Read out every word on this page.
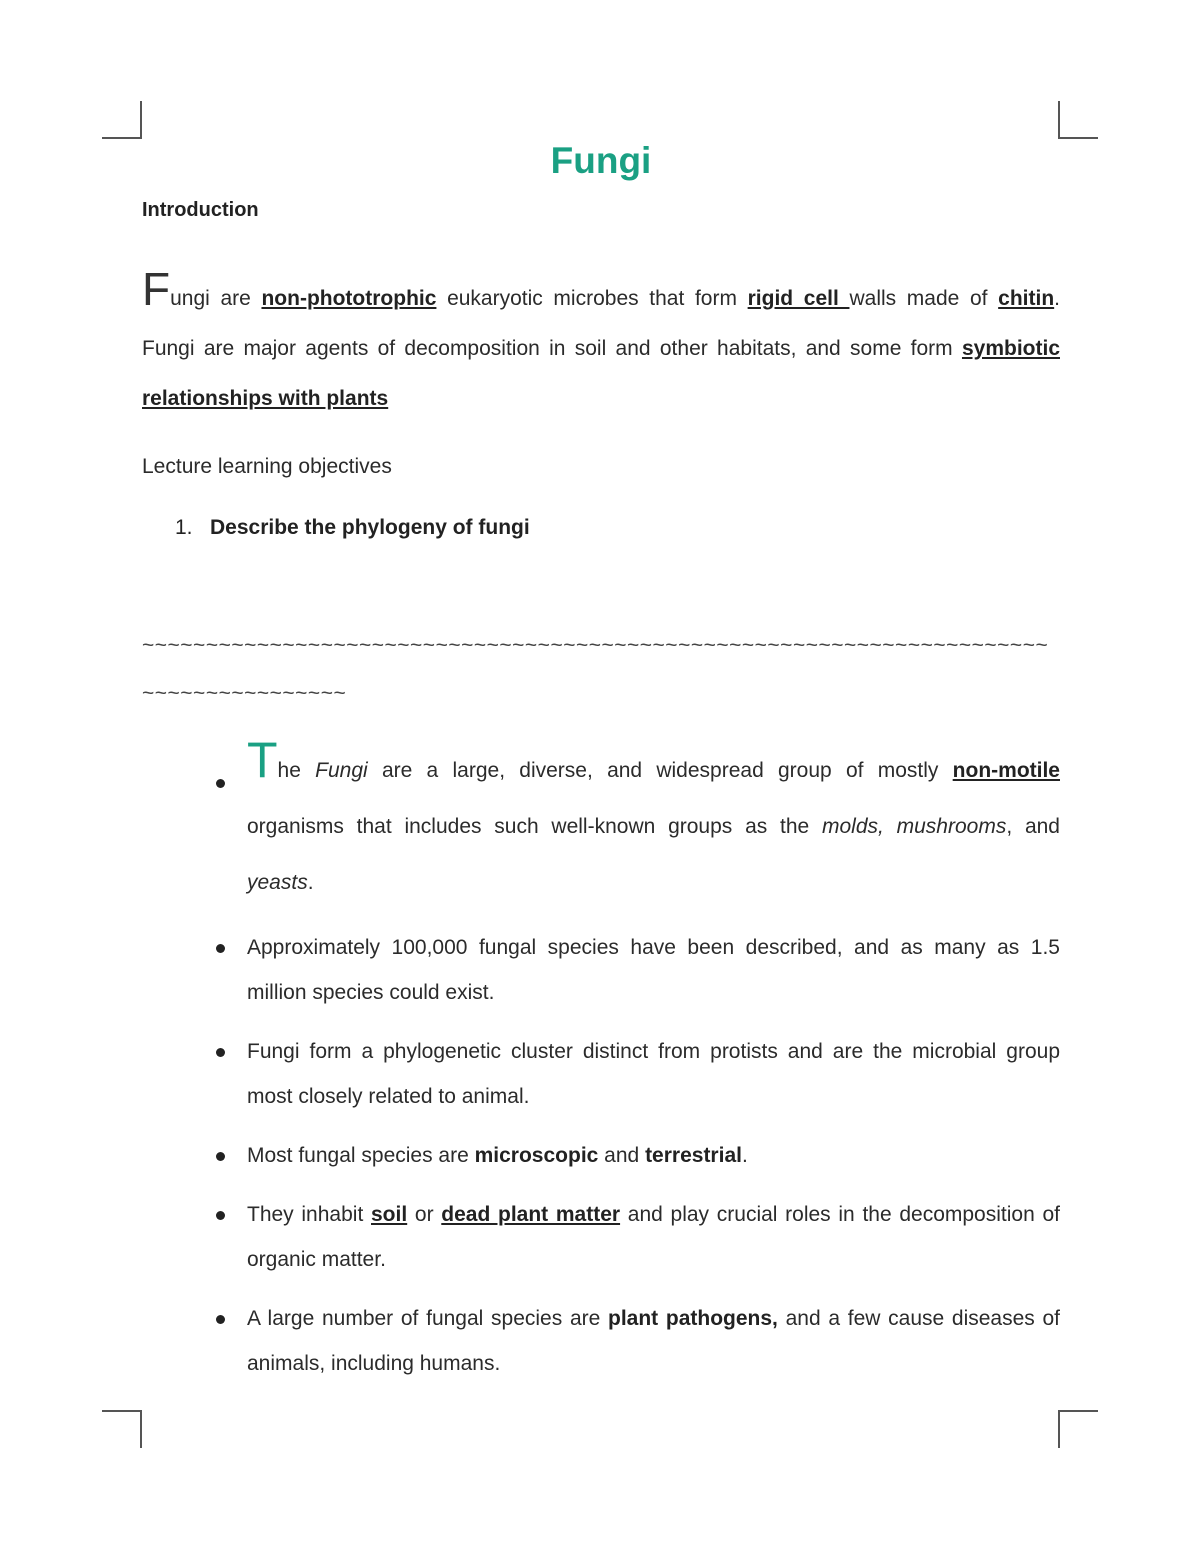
Fungi
Introduction
Fungi are non-phototrophic eukaryotic microbes that form rigid cell walls made of chitin. Fungi are major agents of decomposition in soil and other habitats, and some form symbiotic relationships with plants
Lecture learning objectives
1. Describe the phylogeny of fungi
~~~~~~~~~~~~~~~~~~~~~~~~~~~~~~~~~~~~~~~~~~~~~~~~~~~~~~~~~~~~~~~~~~~~~~~~~~~~~~~~~~~~~~~
The Fungi are a large, diverse, and widespread group of mostly non-motile organisms that includes such well-known groups as the molds, mushrooms, and yeasts.
Approximately 100,000 fungal species have been described, and as many as 1.5 million species could exist.
Fungi form a phylogenetic cluster distinct from protists and are the microbial group most closely related to animal.
Most fungal species are microscopic and terrestrial.
They inhabit soil or dead plant matter and play crucial roles in the decomposition of organic matter.
A large number of fungal species are plant pathogens, and a few cause diseases of animals, including humans.
